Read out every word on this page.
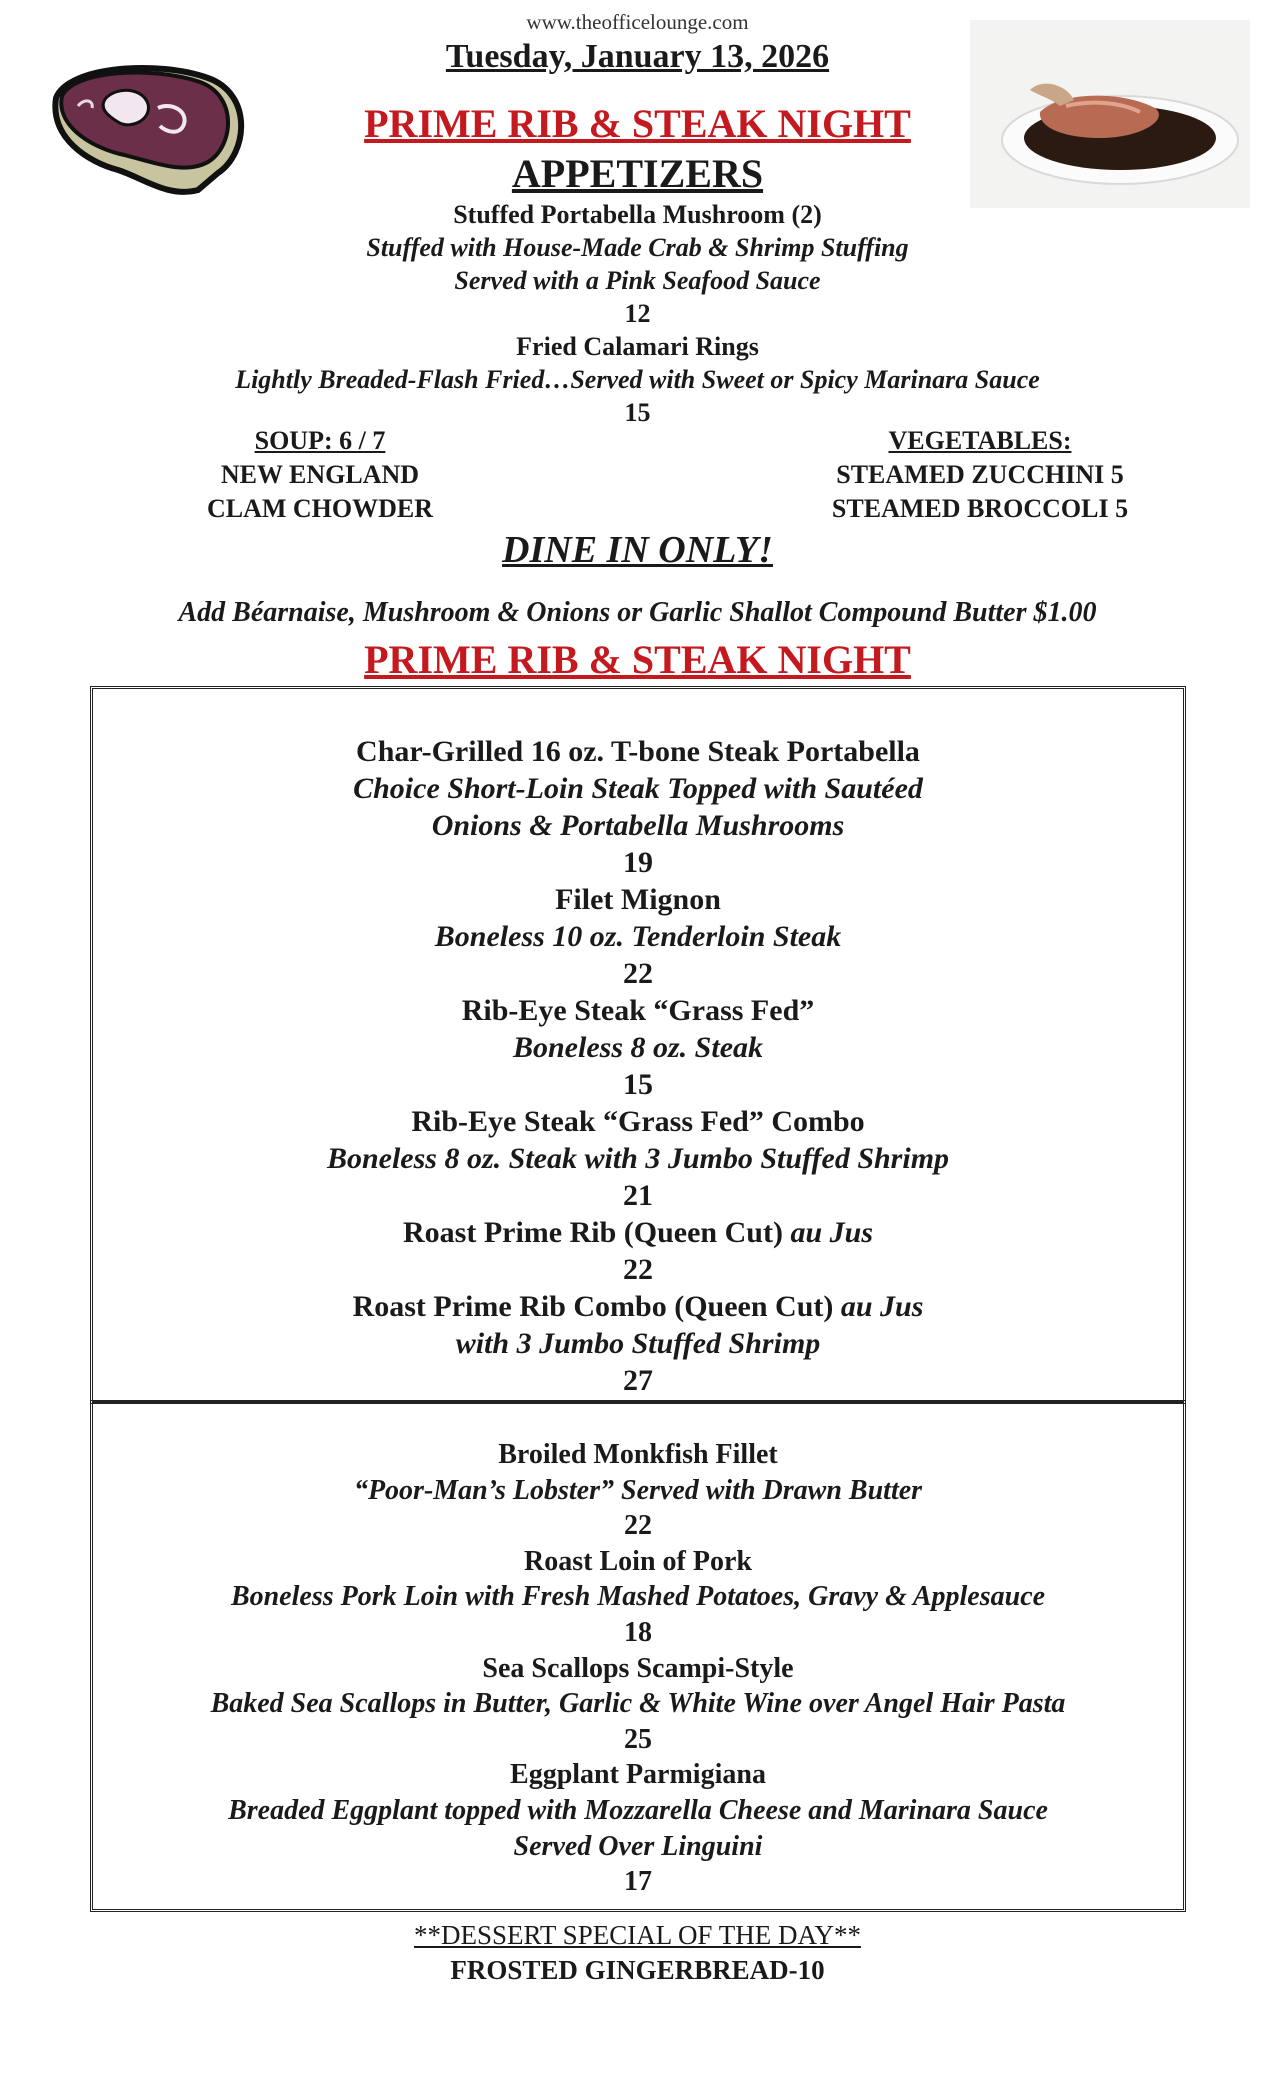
www.theofficelounge.com
Tuesday, January 13, 2026
PRIME RIB & STEAK NIGHT
APPETIZERS
Stuffed Portabella Mushroom (2)
Stuffed with House-Made Crab & Shrimp Stuffing
Served with a Pink Seafood Sauce
12
Fried Calamari Rings
Lightly Breaded-Flash Fried…Served with Sweet or Spicy Marinara Sauce
15
SOUP: 6 / 7
NEW ENGLAND
CLAM CHOWDER
VEGETABLES:
STEAMED ZUCCHINI 5
STEAMED BROCCOLI 5
DINE IN ONLY!
Add Béarnaise, Mushroom & Onions or Garlic Shallot Compound Butter $1.00
PRIME RIB & STEAK NIGHT
Char-Grilled 16 oz. T-bone Steak Portabella
Choice Short-Loin Steak Topped with Sautéed
Onions & Portabella Mushrooms
19
Filet Mignon
Boneless 10 oz. Tenderloin Steak
22
Rib-Eye Steak “Grass Fed”
Boneless 8 oz. Steak
15
Rib-Eye Steak “Grass Fed” Combo
Boneless 8 oz. Steak with 3 Jumbo Stuffed Shrimp
21
Roast Prime Rib (Queen Cut) au Jus
22
Roast Prime Rib Combo (Queen Cut) au Jus
with 3 Jumbo Stuffed Shrimp
27
Broiled Monkfish Fillet
“Poor-Man’s Lobster” Served with Drawn Butter
22
Roast Loin of Pork
Boneless Pork Loin with Fresh Mashed Potatoes, Gravy & Applesauce
18
Sea Scallops Scampi-Style
Baked Sea Scallops in Butter, Garlic & White Wine over Angel Hair Pasta
25
Eggplant Parmigiana
Breaded Eggplant topped with Mozzarella Cheese and Marinara Sauce
Served Over Linguini
17
**DESSERT SPECIAL OF THE DAY**
FROSTED GINGERBREAD-10
